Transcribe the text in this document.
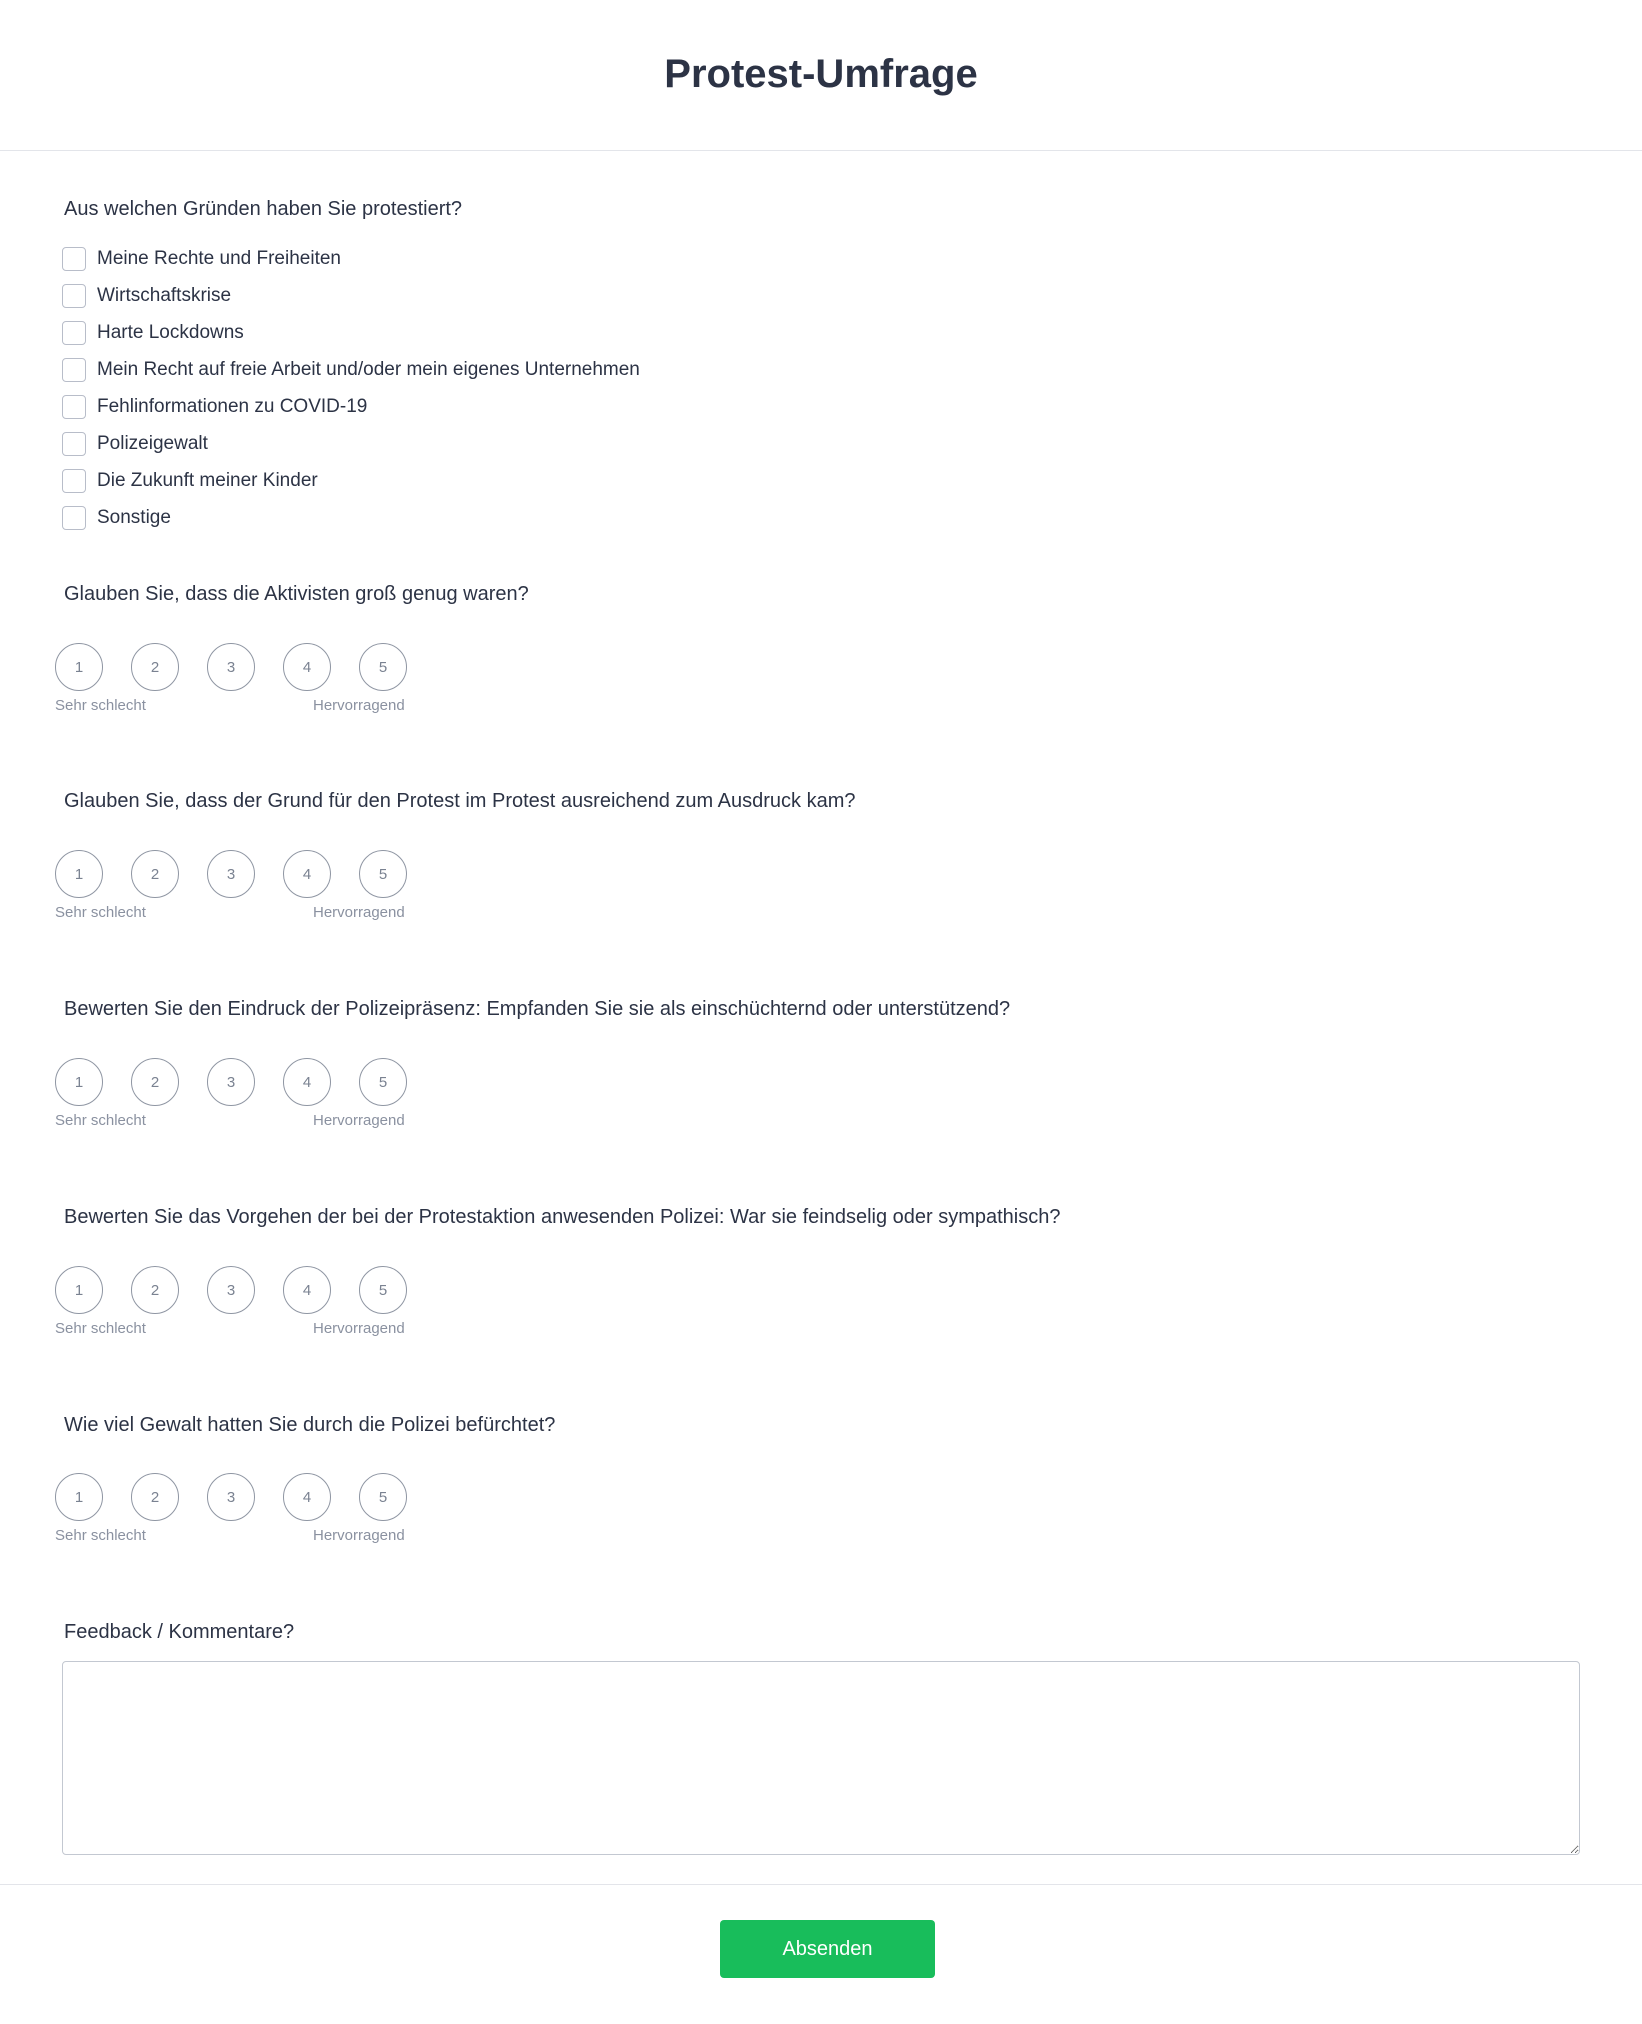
Protest-Umfrage
Aus welchen Gründen haben Sie protestiert?
Meine Rechte und Freiheiten
Wirtschaftskrise
Harte Lockdowns
Mein Recht auf freie Arbeit und/oder mein eigenes Unternehmen
Fehlinformationen zu COVID-19
Polizeigewalt
Die Zukunft meiner Kinder
Sonstige
Glauben Sie, dass die Aktivisten groß genug waren?
1	2	3	4	5
Sehr schlecht	Hervorragend
Glauben Sie, dass der Grund für den Protest im Protest ausreichend zum Ausdruck kam?
1	2	3	4	5
Sehr schlecht	Hervorragend
Bewerten Sie den Eindruck der Polizeipräsenz: Empfanden Sie sie als einschüchternd oder unterstützend?
1	2	3	4	5
Sehr schlecht	Hervorragend
Bewerten Sie das Vorgehen der bei der Protestaktion anwesenden Polizei: War sie feindselig oder sympathisch?
1	2	3	4	5
Sehr schlecht	Hervorragend
Wie viel Gewalt hatten Sie durch die Polizei befürchtet?
1	2	3	4	5
Sehr schlecht	Hervorragend
Feedback / Kommentare?
Absenden
